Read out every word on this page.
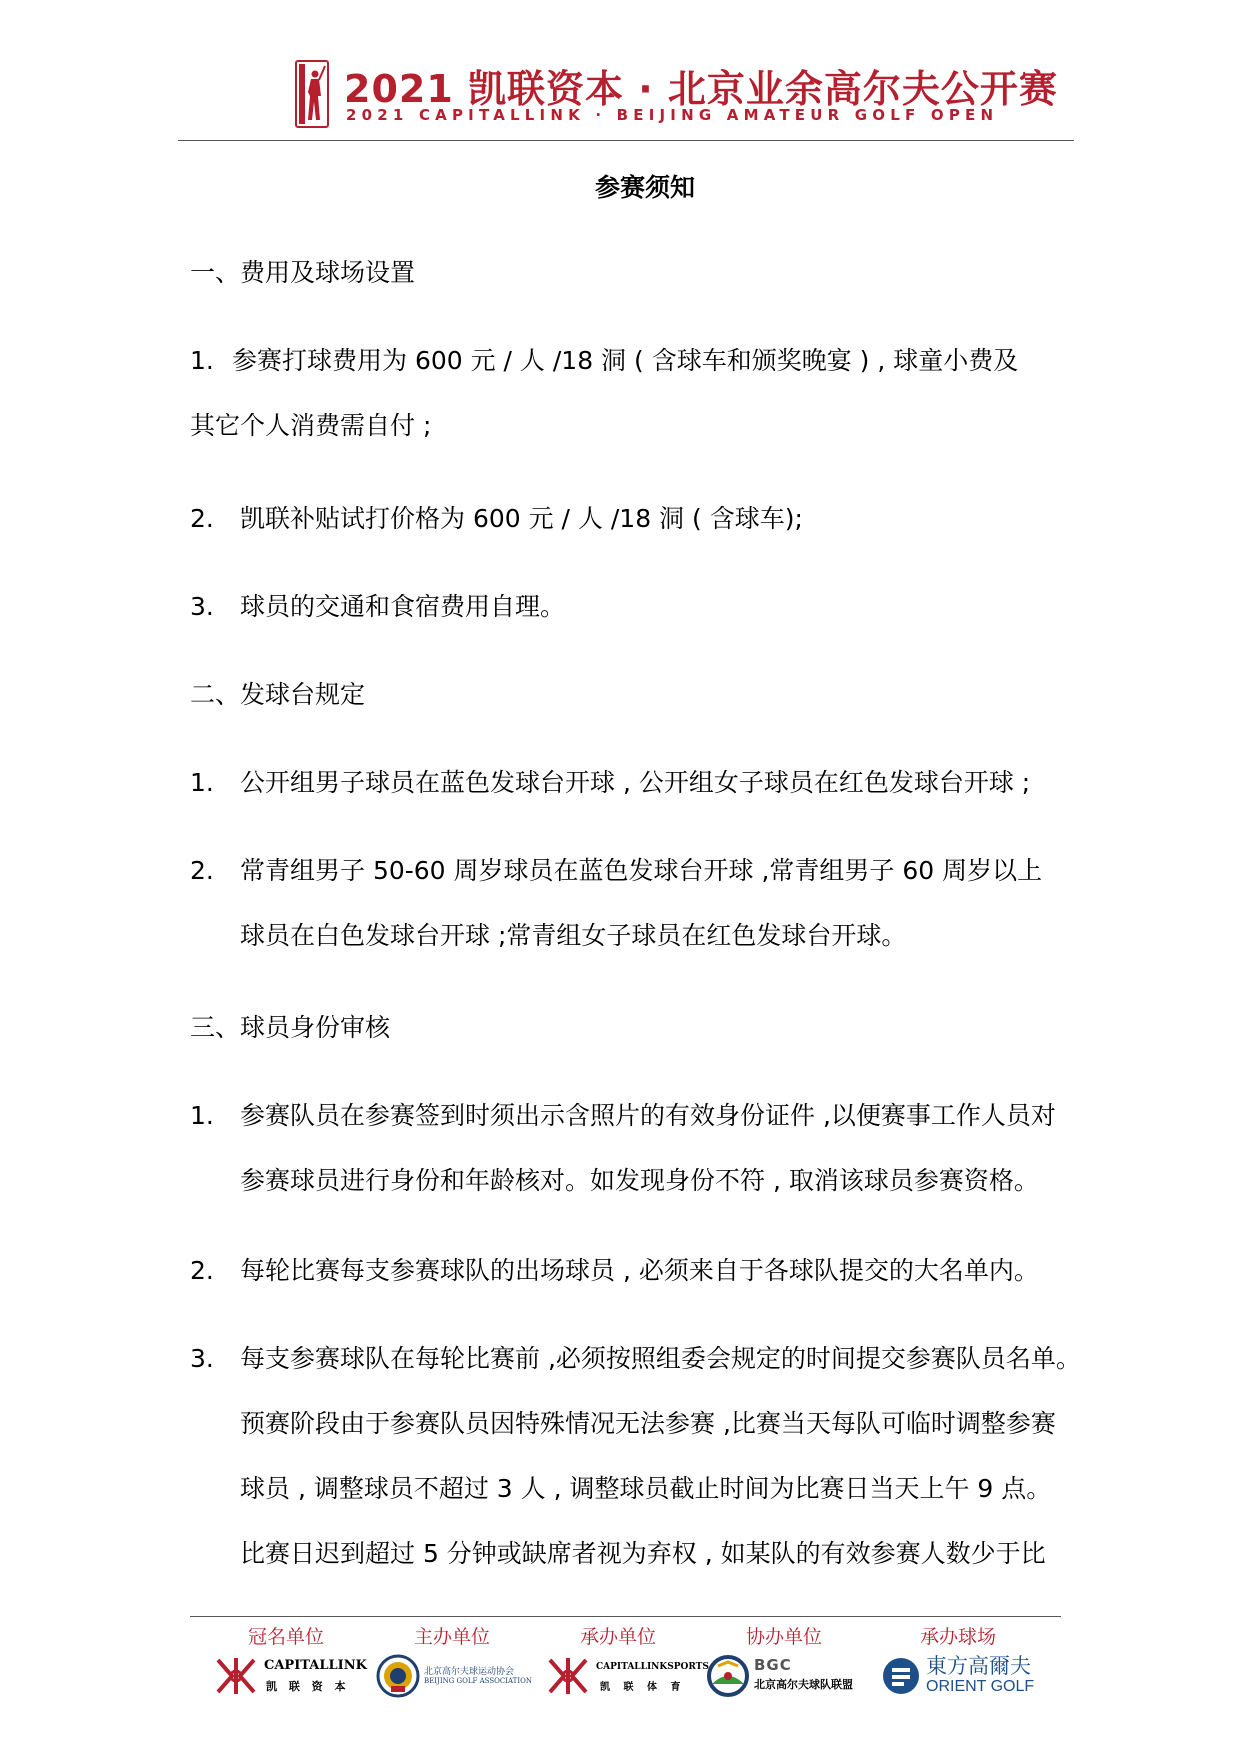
2021 凯联资本 · 北京业余高尔夫公开赛
2021 CAPITALLINK · BEIJING AMATEUR GOLF OPEN
参赛须知
一、费用及球场设置
1. 参赛打球费用为 600 元 / 人 /18 洞 ( 含球车和颁奖晚宴 ) , 球童小费及
其它个人消费需自付 ;
2. 凯联补贴试打价格为 600 元 / 人 /18 洞 ( 含球车);
3. 球员的交通和食宿费用自理。
二、发球台规定
1. 公开组男子球员在蓝色发球台开球 , 公开组女子球员在红色发球台开球 ;
2. 常青组男子 50-60 周岁球员在蓝色发球台开球 ,常青组男子 60 周岁以上
球员在白色发球台开球 ;常青组女子球员在红色发球台开球。
三、球员身份审核
1. 参赛队员在参赛签到时须出示含照片的有效身份证件 ,以便赛事工作人员对
参赛球员进行身份和年龄核对。如发现身份不符 , 取消该球员参赛资格。
2. 每轮比赛每支参赛球队的出场球员 , 必须来自于各球队提交的大名单内。
3. 每支参赛球队在每轮比赛前 ,必须按照组委会规定的时间提交参赛队员名单。
预赛阶段由于参赛队员因特殊情况无法参赛 ,比赛当天每队可临时调整参赛
球员 , 调整球员不超过 3 人 , 调整球员截止时间为比赛日当天上午 9 点。
比赛日迟到超过 5 分钟或缺席者视为弃权 , 如某队的有效参赛人数少于比
冠名单位	主办单位	承办单位	协办单位	承办球场
CAPITALLINK
凯 联 资 本
北京高尔夫球运动协会
BEIJING GOLF ASSOCIATION
CAPITALLINKSPORTS
凯 联 体 育
BGC
北京高尔夫球队联盟
東方高爾夫
ORIENT GOLF
